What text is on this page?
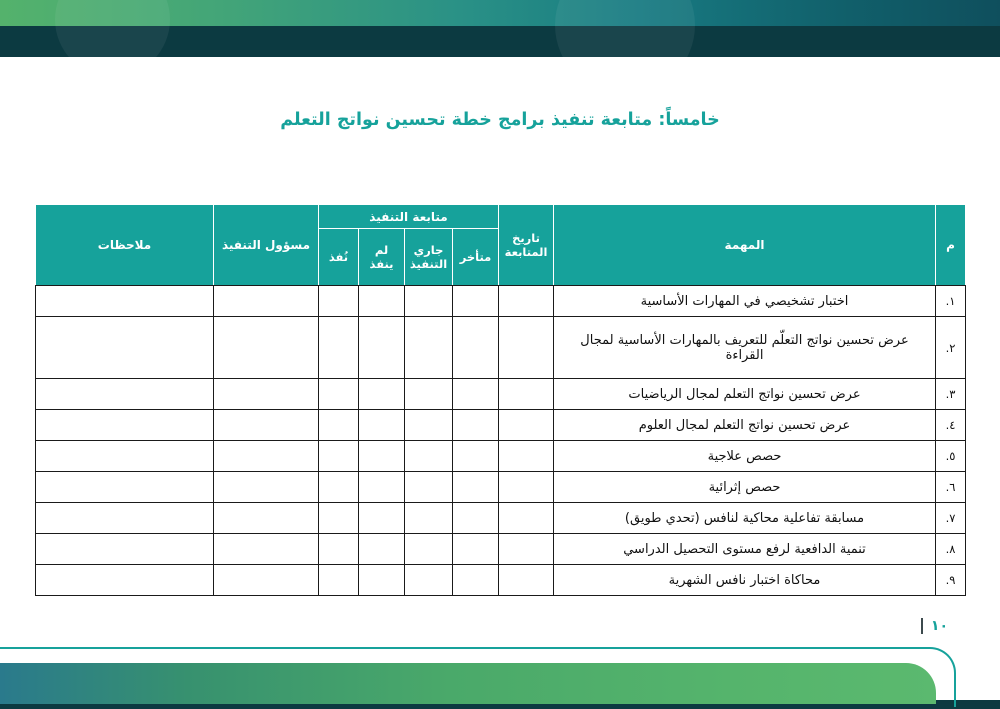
خامساً: متابعة تنفيذ برامج خطة تحسين نواتج التعلم
م	المهمة	تاريخ المتابعة	متابعة التنفيذ				مسؤول التنفيذ	ملاحظات
			متأخر	جاري التنفيذ	لم ينفذ	نُفذ		
١.	اختبار تشخيصي في المهارات الأساسية							
٢.	عرض تحسين نواتج التعلّم للتعريف بالمهارات الأساسية لمجال القراءة							
٣.	عرض تحسين نواتج التعلم لمجال الرياضيات							
٤.	عرض تحسين نواتج التعلم لمجال العلوم							
٥.	حصص علاجية							
٦.	حصص إثرائية							
٧.	مسابقة تفاعلية محاكية لنافس (تحدي طويق)							
٨.	تنمية الدافعية لرفع مستوى التحصيل الدراسي							
٩.	محاكاة اختبار نافس الشهرية							
١٠
